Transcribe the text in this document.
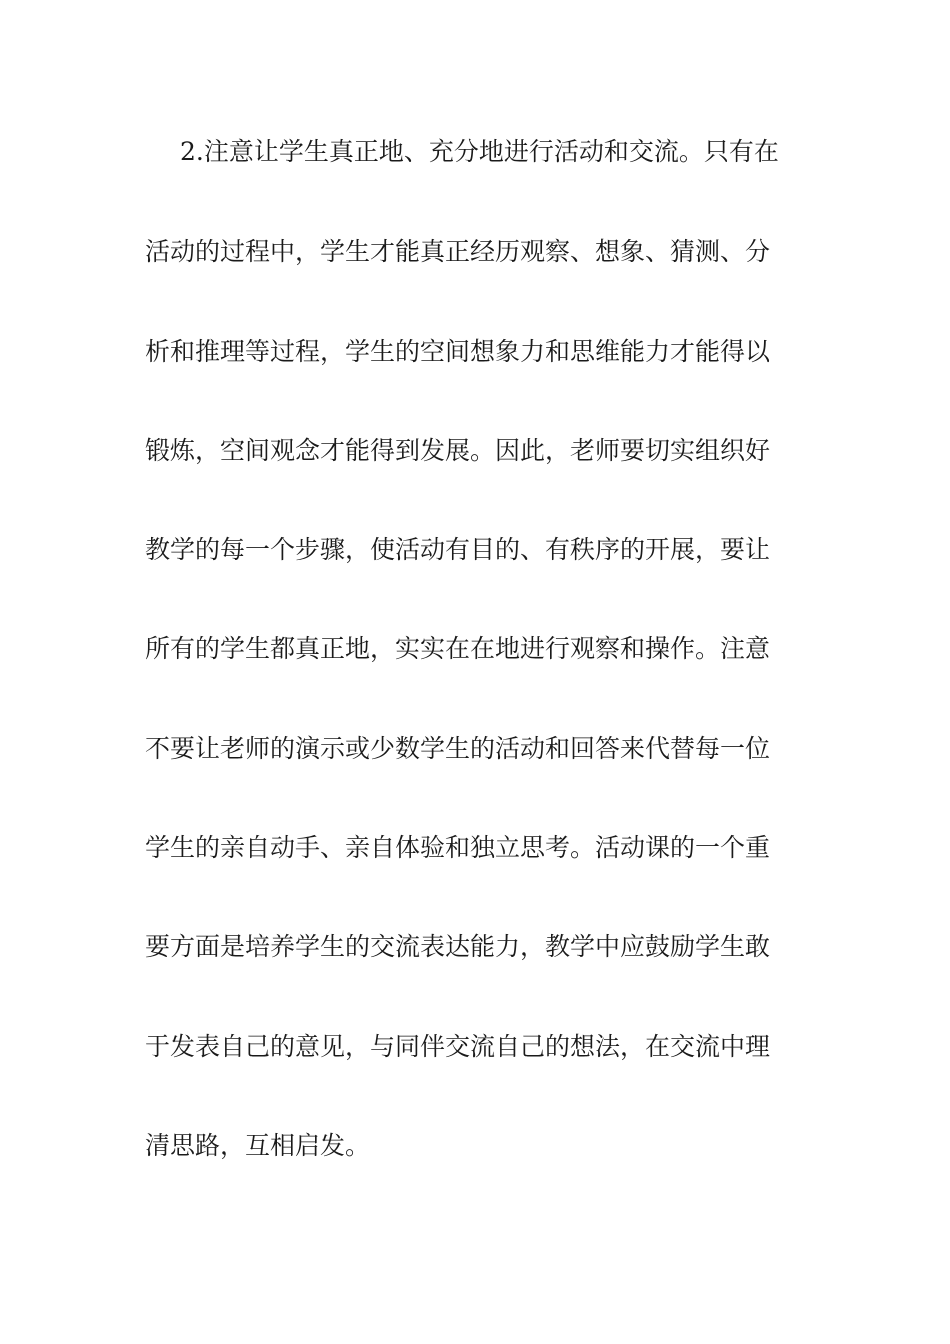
2.注意让学生真正地、充分地进行活动和交流。只有在
活动的过程中，学生才能真正经历观察、想象、猜测、分
析和推理等过程，学生的空间想象力和思维能力才能得以
锻炼，空间观念才能得到发展。因此，老师要切实组织好
教学的每一个步骤，使活动有目的、有秩序的开展，要让
所有的学生都真正地，实实在在地进行观察和操作。注意
不要让老师的演示或少数学生的活动和回答来代替每一位
学生的亲自动手、亲自体验和独立思考。活动课的一个重
要方面是培养学生的交流表达能力，教学中应鼓励学生敢
于发表自己的意见，与同伴交流自己的想法，在交流中理
清思路，互相启发。
